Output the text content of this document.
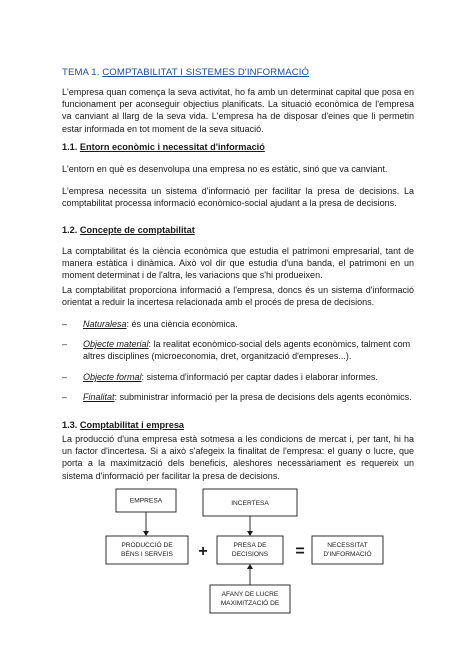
TEMA 1. COMPTABILITAT I SISTEMES D'INFORMACIÓ

L'empresa quan comença la seva activitat, ho fa amb un determinat capital que posa en funcionament per aconseguir objectius planificats. La situació econòmica de l'empresa va canviant al llarg de la seva vida. L'empresa ha de disposar d'eines que li permetin estar informada en tot moment de la seva situació.

1.1. Entorn econòmic i necessitat d'informació

L'entorn en què es desenvolupa una empresa no es estàtic, sinó que va canviant.

L'empresa necessita un sistema d'informació per facilitar la presa de decisions. La comptabilitat processa informació econòmico-social ajudant a la presa de decisions.

1.2. Concepte de comptabilitat

La comptabilitat és la ciència econòmica que estudia el patrimoni empresarial, tant de manera estàtica i dinàmica. Això vol dir que estudia d'una banda, el patrimoni en un moment determinat i de l'altra, les variacions que s'hi produeixen.

La comptabilitat proporciona informació a l'empresa, doncs és un sistema d'informació orientat a reduir la incertesa relacionada amb el procés de presa de decisions.

– Naturalesa: és una ciència econòmica.
– Objecte material: la realitat econòmico-social dels agents econòmics, talment com altres disciplines (microeconomia, dret, organització d'empreses...).
– Objecte formal: sistema d'informació per captar dades i elaborar informes.
– Finalitat: subministrar informació per la presa de decisions dels agents econòmics.
1.3. Comptabilitat i empresa

La producció d'una empresa està sotmesa a les condicions de mercat i, per tant, hi ha un factor d'incertesa. Si a això s'afegeix la finalitat de l'empresa: el guany o lucre, que porta a la maximització dels beneficis, aleshores necessàriament es requereix un sistema d'informació per facilitar la presa de decisions.

EMPRESA	INCERTESA
PRODUCCIÓ DE
BÉNS I SERVEIS +	PRESA DE
DECISIONS =	NECESSITAT
D'INFORMACIÓ
AFANY DE LUCRE
MAXIMITZACIÓ DE
